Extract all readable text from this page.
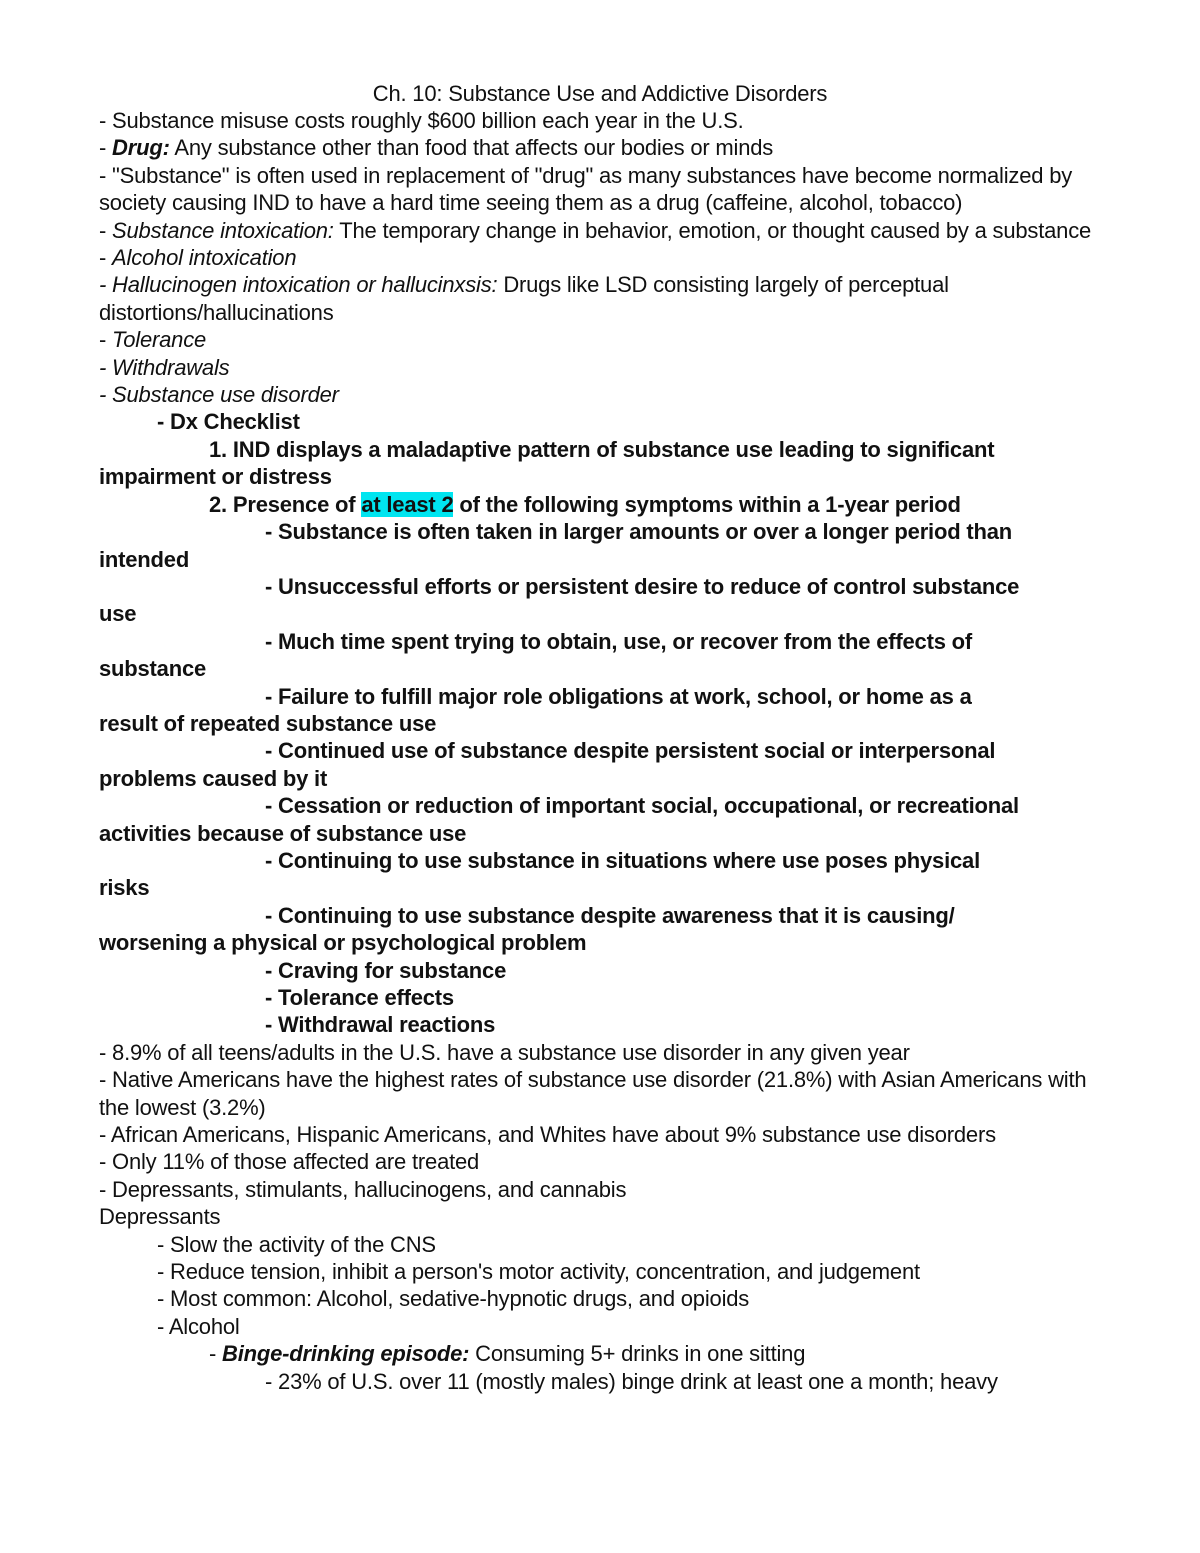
Ch. 10: Substance Use and Addictive Disorders

- Substance misuse costs roughly $600 billion each year in the U.S.

- Drug: Any substance other than food that affects our bodies or minds

- "Substance" is often used in replacement of "drug" as many substances have become normalized by society causing IND to have a hard time seeing them as a drug (caffeine, alcohol, tobacco)

- Substance intoxication: The temporary change in behavior, emotion, or thought caused by a substance

- Alcohol intoxication

- Hallucinogen intoxication or hallucinxsis: Drugs like LSD consisting largely of perceptual distortions/hallucinations

- Tolerance

- Withdrawals

- Substance use disorder

- Dx Checklist

1. IND displays a maladaptive pattern of substance use leading to significant impairment or distress

2. Presence of at least 2 of the following symptoms within a 1-year period

- Substance is often taken in larger amounts or over a longer period than

intended

- Unsuccessful efforts or persistent desire to reduce of control substance

use

- Much time spent trying to obtain, use, or recover from the effects of

substance

- Failure to fulfill major role obligations at work, school, or home as a

result of repeated substance use

- Continued use of substance despite persistent social or interpersonal

problems caused by it

- Cessation or reduction of important social, occupational, or recreational

activities because of substance use

- Continuing to use substance in situations where use poses physical

risks

- Continuing to use substance despite awareness that it is causing/

worsening a physical or psychological problem

- Craving for substance

- Tolerance effects

- Withdrawal reactions

- 8.9% of all teens/adults in the U.S. have a substance use disorder in any given year

- Native Americans have the highest rates of substance use disorder (21.8%) with Asian Americans with the lowest (3.2%)

- African Americans, Hispanic Americans, and Whites have about 9% substance use disorders

- Only 11% of those affected are treated

- Depressants, stimulants, hallucinogens, and cannabis

Depressants

- Slow the activity of the CNS

- Reduce tension, inhibit a person's motor activity, concentration, and judgement

- Most common: Alcohol, sedative-hypnotic drugs, and opioids

- Alcohol

- Binge-drinking episode: Consuming 5+ drinks in one sitting

- 23% of U.S. over 11 (mostly males) binge drink at least one a month; heavy
